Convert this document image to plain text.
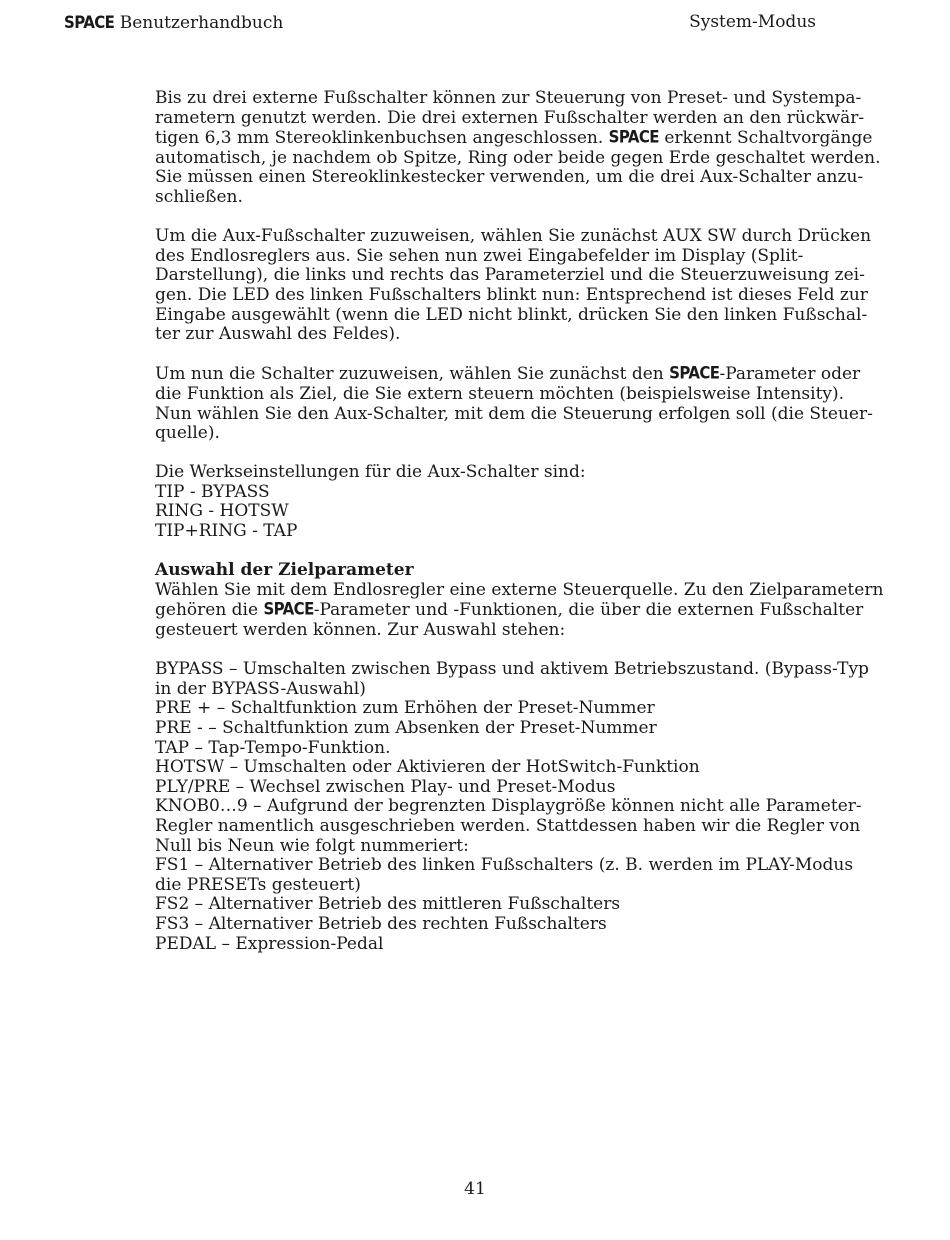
SPACE Benutzerhandbuch	System-Modus

Bis zu drei externe Fußschalter können zur Steuerung von Preset- und Systempa-
rametern genutzt werden. Die drei externen Fußschalter werden an den rückwär-
tigen 6,3 mm Stereoklinkenbuchsen angeschlossen. SPACE erkennt Schaltvorgänge
automatisch, je nachdem ob Spitze, Ring oder beide gegen Erde geschaltet werden.
Sie müssen einen Stereoklinkestecker verwenden, um die drei Aux-Schalter anzu-
schließen.

Um die Aux-Fußschalter zuzuweisen, wählen Sie zunächst AUX SW durch Drücken
des Endlosreglers aus. Sie sehen nun zwei Eingabefelder im Display (Split-
Darstellung), die links und rechts das Parameterziel und die Steuerzuweisung zei-
gen. Die LED des linken Fußschalters blinkt nun: Entsprechend ist dieses Feld zur
Eingabe ausgewählt (wenn die LED nicht blinkt, drücken Sie den linken Fußschal-
ter zur Auswahl des Feldes).

Um nun die Schalter zuzuweisen, wählen Sie zunächst den SPACE-Parameter oder
die Funktion als Ziel, die Sie extern steuern möchten (beispielsweise Intensity).
Nun wählen Sie den Aux-Schalter, mit dem die Steuerung erfolgen soll (die Steuer-
quelle).

Die Werkseinstellungen für die Aux-Schalter sind:
TIP - BYPASS
RING - HOTSW
TIP+RING - TAP

Auswahl der Zielparameter
Wählen Sie mit dem Endlosregler eine externe Steuerquelle. Zu den Zielparametern
gehören die SPACE-Parameter und -Funktionen, die über die externen Fußschalter
gesteuert werden können. Zur Auswahl stehen:

BYPASS – Umschalten zwischen Bypass und aktivem Betriebszustand. (Bypass-Typ
in der BYPASS-Auswahl)
PRE + – Schaltfunktion zum Erhöhen der Preset-Nummer
PRE - – Schaltfunktion zum Absenken der Preset-Nummer
TAP – Tap-Tempo-Funktion.
HOTSW – Umschalten oder Aktivieren der HotSwitch-Funktion
PLY/PRE – Wechsel zwischen Play- und Preset-Modus
KNOB0…9 – Aufgrund der begrenzten Displaygröße können nicht alle Parameter-
Regler namentlich ausgeschrieben werden. Stattdessen haben wir die Regler von
Null bis Neun wie folgt nummeriert:
FS1 – Alternativer Betrieb des linken Fußschalters (z. B. werden im PLAY-Modus
die PRESETs gesteuert)
FS2 – Alternativer Betrieb des mittleren Fußschalters
FS3 – Alternativer Betrieb des rechten Fußschalters
PEDAL – Expression-Pedal

41
